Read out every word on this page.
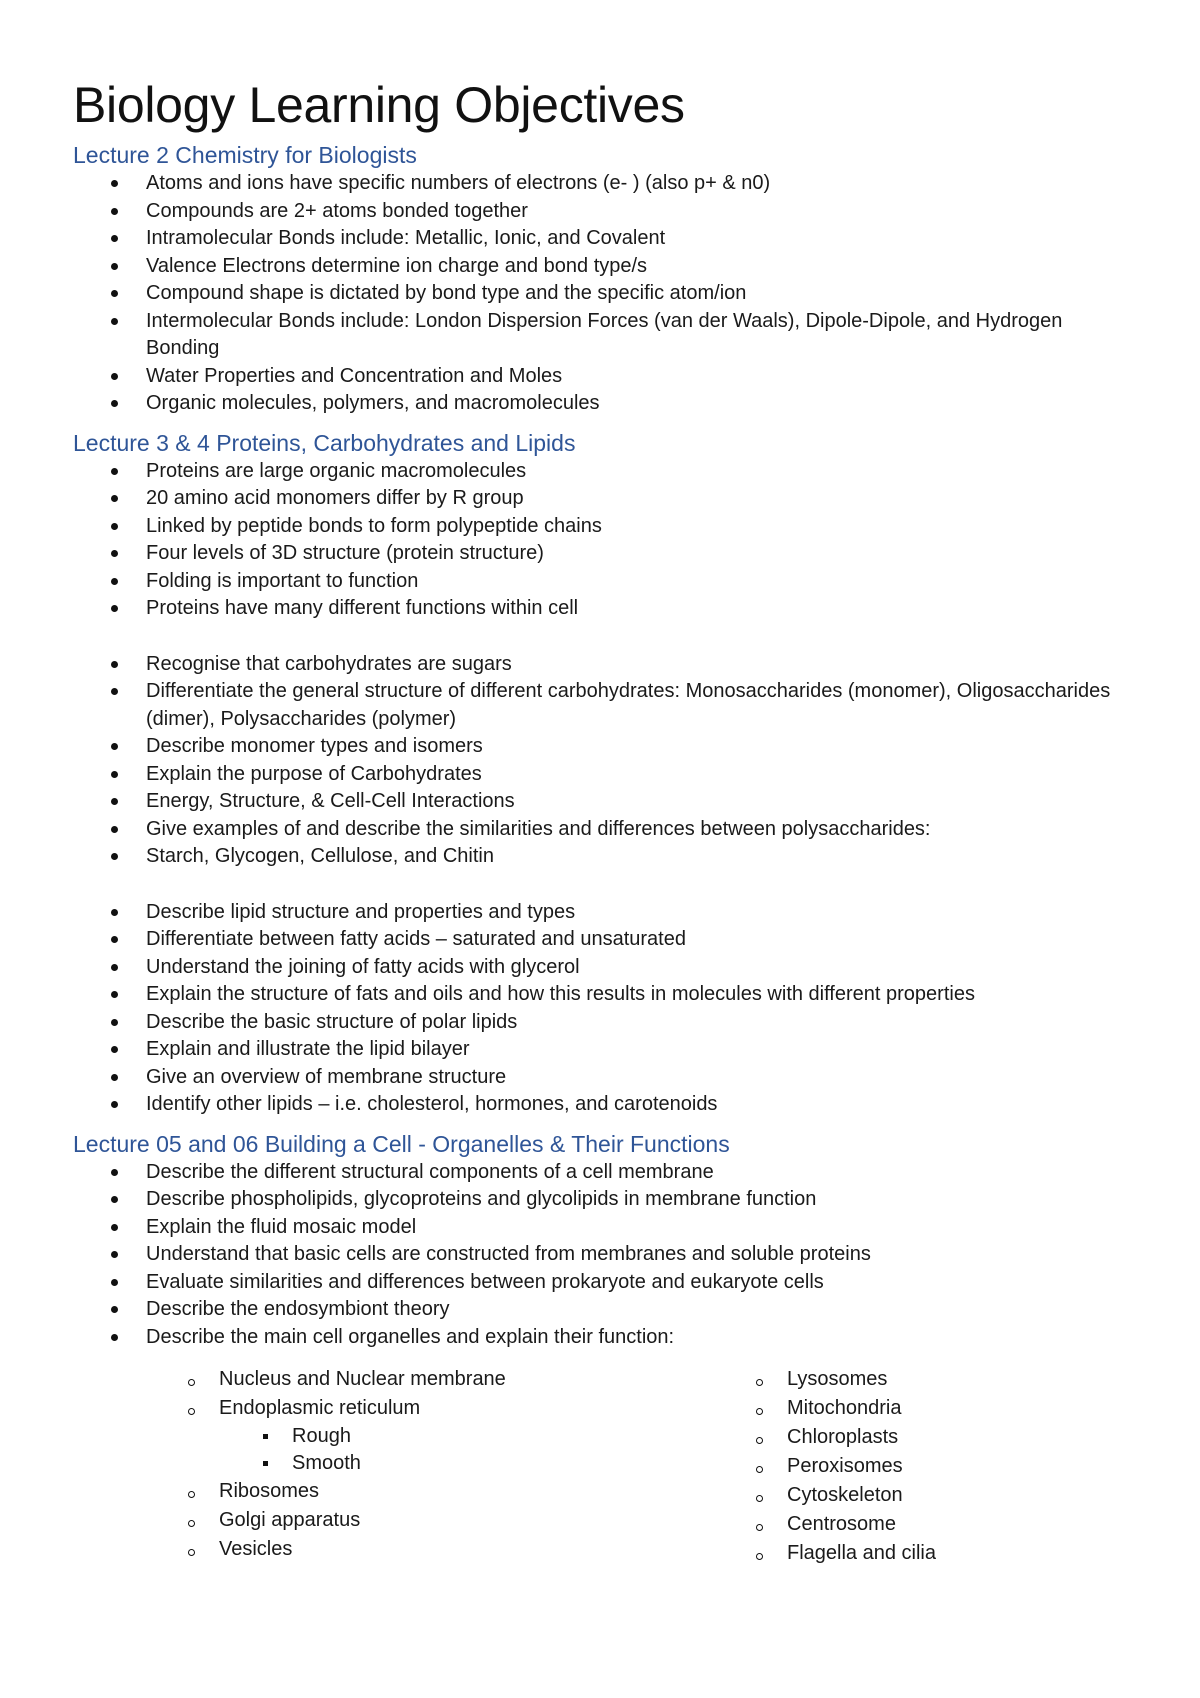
Biology Learning Objectives
Lecture 2 Chemistry for Biologists
Atoms and ions have specific numbers of electrons (e- ) (also p+ & n0)
Compounds are 2+ atoms bonded together
Intramolecular Bonds include: Metallic, Ionic, and Covalent
Valence Electrons determine ion charge and bond type/s
Compound shape is dictated by bond type and the specific atom/ion
Intermolecular Bonds include: London Dispersion Forces (van der Waals), Dipole-Dipole, and Hydrogen Bonding
Water Properties and Concentration and Moles
Organic molecules, polymers, and macromolecules
Lecture 3 & 4 Proteins, Carbohydrates and Lipids
Proteins are large organic macromolecules
20 amino acid monomers differ by R group
Linked by peptide bonds to form polypeptide chains
Four levels of 3D structure (protein structure)
Folding is important to function
Proteins have many different functions within cell
Recognise that carbohydrates are sugars
Differentiate the general structure of different carbohydrates: Monosaccharides (monomer), Oligosaccharides (dimer), Polysaccharides (polymer)
Describe monomer types and isomers
Explain the purpose of Carbohydrates
Energy, Structure, & Cell-Cell Interactions
Give examples of and describe the similarities and differences between polysaccharides:
Starch, Glycogen, Cellulose, and Chitin
Describe lipid structure and properties and types
Differentiate between fatty acids – saturated and unsaturated
Understand the joining of fatty acids with glycerol
Explain the structure of fats and oils and how this results in molecules with different properties
Describe the basic structure of polar lipids
Explain and illustrate the lipid bilayer
Give an overview of membrane structure
Identify other lipids – i.e. cholesterol, hormones, and carotenoids
Lecture 05 and 06 Building a Cell - Organelles & Their Functions
Describe the different structural components of a cell membrane
Describe phospholipids, glycoproteins and glycolipids in membrane function
Explain the fluid mosaic model
Understand that basic cells are constructed from membranes and soluble proteins
Evaluate similarities and differences between prokaryote and eukaryote cells
Describe the endosymbiont theory
Describe the main cell organelles and explain their function:
Nucleus and Nuclear membrane
Endoplasmic reticulum
Rough
Smooth
Ribosomes
Golgi apparatus
Vesicles
Lysosomes
Mitochondria
Chloroplasts
Peroxisomes
Cytoskeleton
Centrosome
Flagella and cilia
